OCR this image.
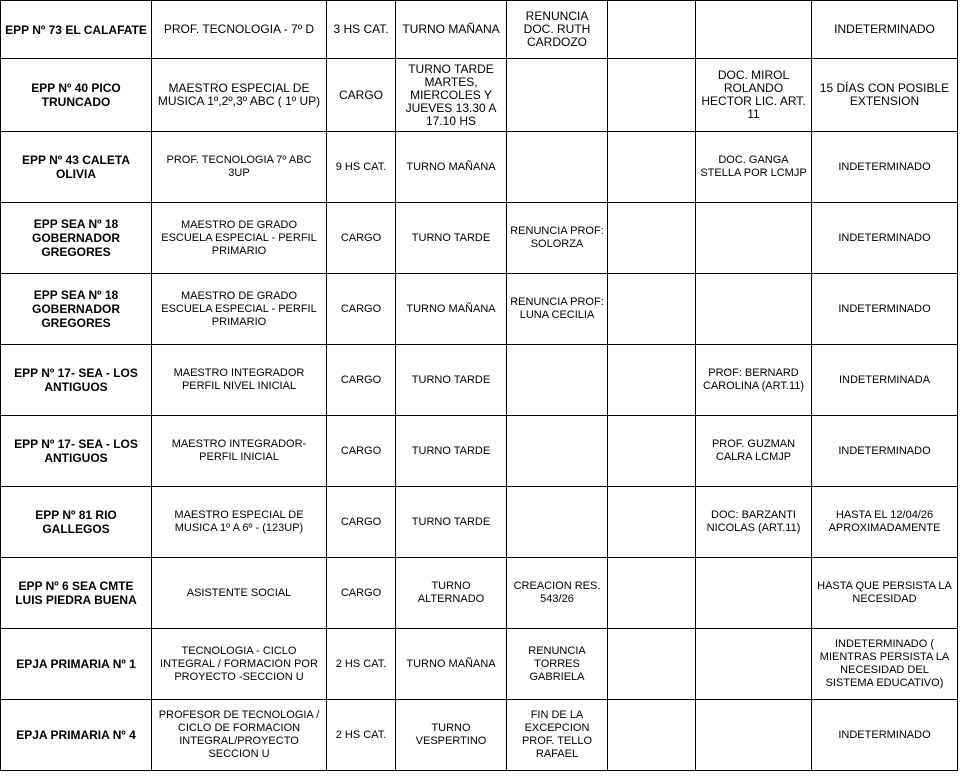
EPP Nº 73 EL CALAFATE	PROF. TECNOLOGIA - 7º D	3 HS CAT.	TURNO MAÑANA	RENUNCIA DOC. RUTH CARDOZO			INDETERMINADO
EPP Nº 40 PICO TRUNCADO	MAESTRO ESPECIAL DE MUSICA 1º,2º,3º ABC ( 1º UP)	CARGO	TURNO TARDE MARTES, MIERCOLES Y JUEVES 13.30 A 17.10 HS			DOC. MIROL ROLANDO HECTOR LIC. ART. 11	15 DÍAS CON POSIBLE EXTENSION
EPP Nº 43 CALETA OLIVIA	PROF. TECNOLOGIA 7º ABC 3UP	9 HS CAT.	TURNO MAÑANA			DOC. GANGA STELLA POR LCMJP	INDETERMINADO
EPP SEA Nº 18 GOBERNADOR GREGORES	MAESTRO DE GRADO ESCUELA ESPECIAL - PERFIL PRIMARIO	CARGO	TURNO TARDE	RENUNCIA PROF: SOLORZA			INDETERMINADO
EPP SEA Nº 18 GOBERNADOR GREGORES	MAESTRO DE GRADO ESCUELA ESPECIAL - PERFIL PRIMARIO	CARGO	TURNO MAÑANA	RENUNCIA PROF: LUNA CECILIA			INDETERMINADO
EPP Nº 17- SEA - LOS ANTIGUOS	MAESTRO INTEGRADOR PERFIL NIVEL INICIAL	CARGO	TURNO TARDE			PROF: BERNARD CAROLINA (ART.11)	INDETERMINADA
EPP Nº 17- SEA - LOS ANTIGUOS	MAESTRO INTEGRADOR- PERFIL INICIAL	CARGO	TURNO TARDE			PROF. GUZMAN CALRA LCMJP	INDETERMINADO
EPP Nº 81 RIO GALLEGOS	MAESTRO ESPECIAL DE MUSICA 1º A 6º - (123UP)	CARGO	TURNO TARDE			DOC: BARZANTI NICOLAS (ART.11)	HASTA EL 12/04/26 APROXIMADAMENTE
EPP Nº 6 SEA CMTE LUIS PIEDRA BUENA	ASISTENTE SOCIAL	CARGO	TURNO ALTERNADO	CREACION RES. 543/26			HASTA QUE PERSISTA LA NECESIDAD
EPJA PRIMARIA Nº 1	TECNOLOGIA - CICLO INTEGRAL / FORMACION POR PROYECTO -SECCION U	2 HS CAT.	TURNO MAÑANA	RENUNCIA TORRES GABRIELA			INDETERMINADO ( MIENTRAS PERSISTA LA NECESIDAD DEL SISTEMA EDUCATIVO)
EPJA PRIMARIA Nº 4	PROFESOR DE TECNOLOGIA / CICLO DE FORMACION INTEGRAL/PROYECTO SECCION U	2 HS CAT.	TURNO VESPERTINO	FIN DE LA EXCEPCION PROF. TELLO RAFAEL			INDETERMINADO
